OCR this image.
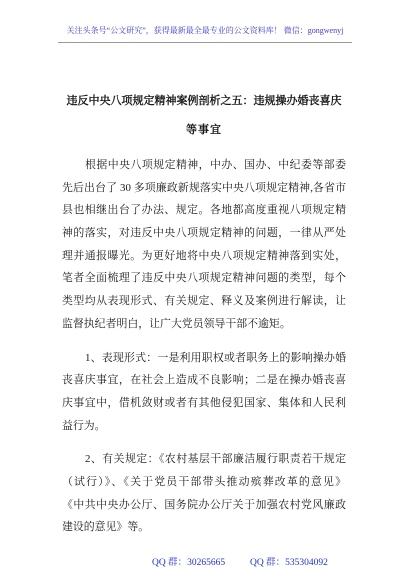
关注头条号“公文研究”，获得最新最全最专业的公文资料库！ 微信：gongwenyj
违反中央八项规定精神案例剖析之五：违规操办婚丧喜庆
等事宜
根据中央八项规定精神，中办、国办、中纪委等部委
先后出台了 30 多项廉政新规落实中央八项规定精神,各省市
县也相继出台了办法、规定。各地都高度重视八项规定精
神的落实，对违反中央八项规定精神的问题，一律从严处
理并通报曝光。为更好地将中央八项规定精神落到实处，
笔者全面梳理了违反中央八项规定精神问题的类型，每个
类型均从表现形式、有关规定、释义及案例进行解读，让
监督执纪者明白，让广大党员领导干部不逾矩。
1、表现形式：一是利用职权或者职务上的影响操办婚
丧喜庆事宜，在社会上造成不良影响；二是在操办婚丧喜
庆事宜中，借机敛财或者有其他侵犯国家、集体和人民利
益行为。
2、有关规定：《农村基层干部廉洁履行职责若干规定
（试行）》、《关于党员干部带头推动殡葬改革的意见》
《中共中央办公厅、国务院办公厅关于加强农村党风廉政
建设的意见》等。
QQ 群：30265665	QQ 群：535304092
